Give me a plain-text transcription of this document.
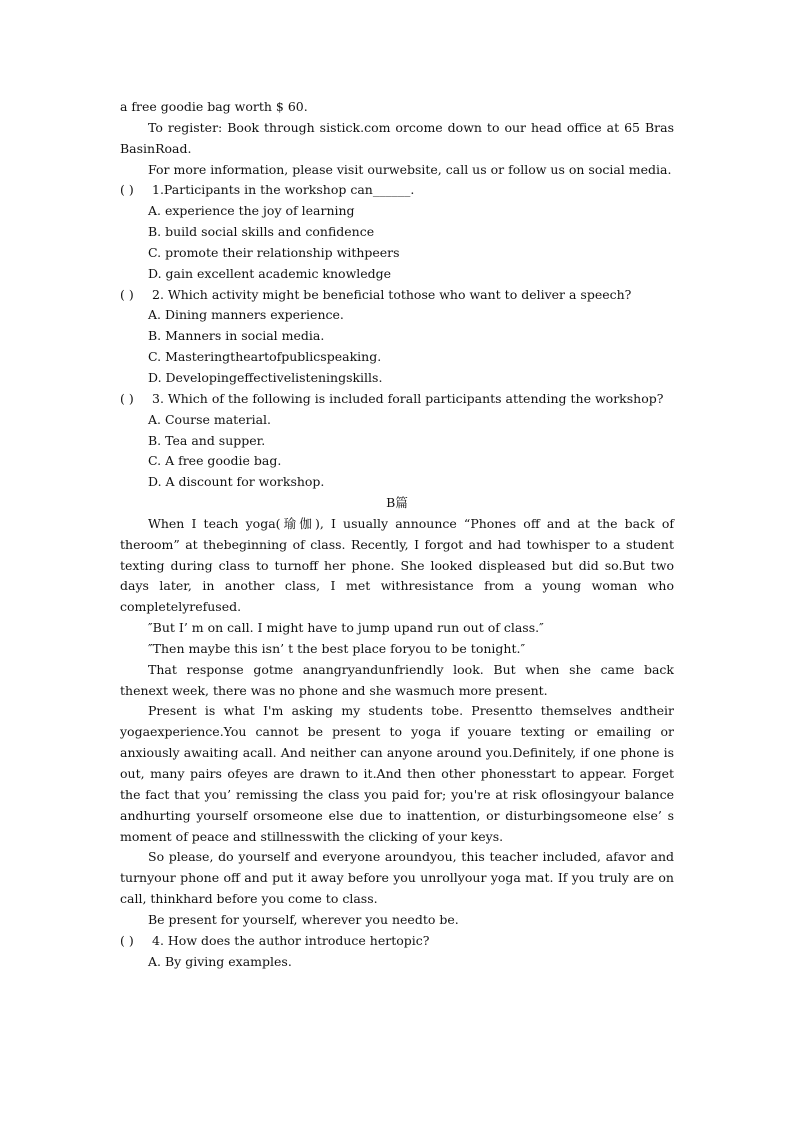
a free goodie bag worth $ 60.

To register: Book through sistick.com orcome down to our head office at 65 Bras BasinRoad.

For more information, please visit ourwebsite, call us or follow us on social media.

( ) 1.Participants in the workshop can______.

A. experience the joy of learning

B. build social skills and confidence

C. promote their relationship withpeers

D. gain excellent academic knowledge

( ) 2. Which activity might be beneficial tothose who want to deliver a speech?

A. Dining manners experience.

B. Manners in social media.

C. Masteringtheartofpublicspeaking.

D. Developingeffectivelisteningskills.

( ) 3. Which of the following is included forall participants attending the workshop?

A. Course material.

B. Tea and supper.

C. A free goodie bag.

D. A discount for workshop.

B篇

When I teach yoga(瑜伽), I usually announce “Phones off and at the back of theroom” at thebeginning of class. Recently, I forgot and had towhisper to a student texting during class to turnoff her phone. She looked displeased but did so.But two days later, in another class, I met withresistance from a young woman who completelyrefused.

″But I’ m on call. I might have to jump upand run out of class.″

″Then maybe this isn’ t the best place foryou to be tonight.″

That response gotme anangryandunfriendly look. But when she came back thenext week, there was no phone and she wasmuch more present.

Present is what I'm asking my students tobe. Presentto themselves andtheir yogaexperience.You cannot be present to yoga if youare texting or emailing or anxiously awaiting acall. And neither can anyone around you.Definitely, if one phone is out, many pairs ofeyes are drawn to it.And then other phonesstart to appear. Forget the fact that you’ remissing the class you paid for; you're at risk oflosingyour balance andhurting yourself orsomeone else due to inattention, or disturbingsomeone else’ s moment of peace and stillnesswith the clicking of your keys.

So please, do yourself and everyone aroundyou, this teacher included, afavor and turnyour phone off and put it away before you unrollyour yoga mat. If you truly are on call, thinkhard before you come to class.

Be present for yourself, wherever you needto be.

( ) 4. How does the author introduce hertopic?

A. By giving examples.
